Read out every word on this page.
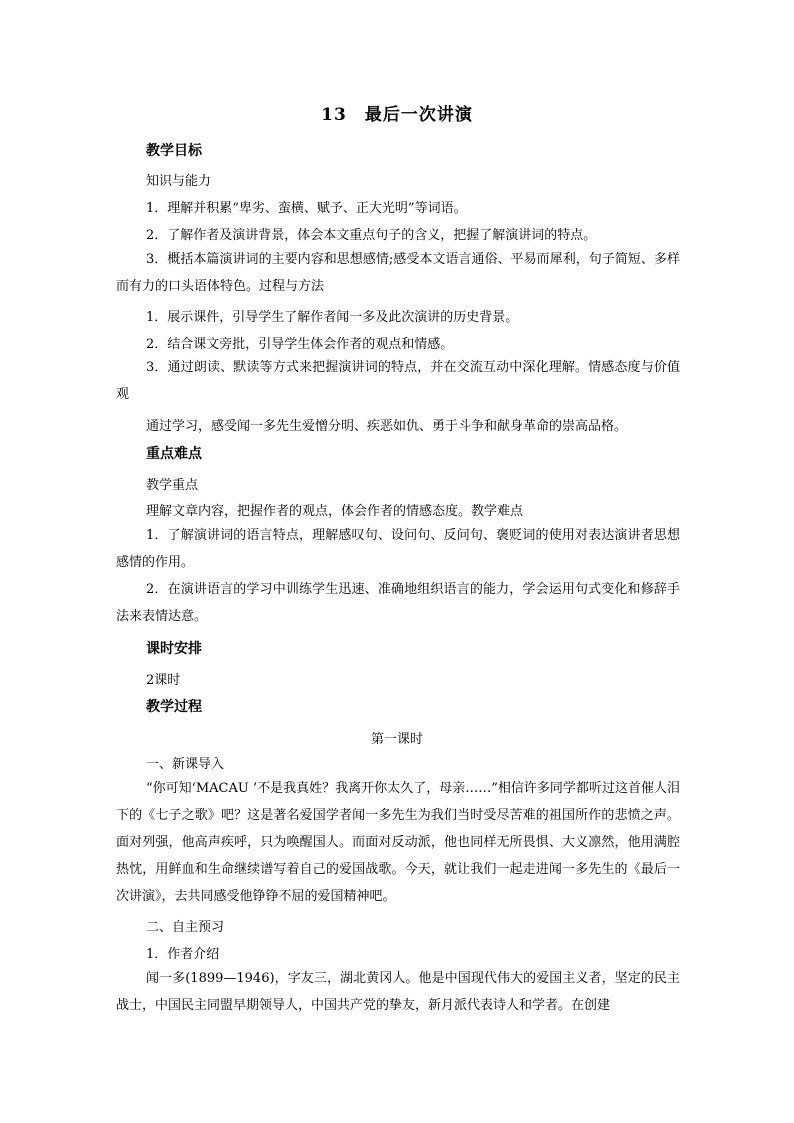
13 最后一次讲演
教学目标
知识与能力
1．理解并积累“卑劣、蛮横、赋予、正大光明”等词语。
2．了解作者及演讲背景，体会本文重点句子的含义，把握了解演讲词的特点。
3．概括本篇演讲词的主要内容和思想感情;感受本文语言通俗、平易而犀利，句子简短、多样而有力的口头语体特色。过程与方法
1．展示课件，引导学生了解作者闻一多及此次演讲的历史背景。
2．结合课文旁批，引导学生体会作者的观点和情感。
3．通过朗读、默读等方式来把握演讲词的特点，并在交流互动中深化理解。情感态度与价值观
通过学习，感受闻一多先生爱憎分明、疾恶如仇、勇于斗争和献身革命的崇高品格。
重点难点
教学重点
理解文章内容，把握作者的观点，体会作者的情感态度。教学难点
1．了解演讲词的语言特点，理解感叹句、设问句、反问句、褒贬词的使用对表达演讲者思想感情的作用。
2．在演讲语言的学习中训练学生迅速、准确地组织语言的能力，学会运用句式变化和修辞手法来表情达意。
课时安排
2课时
教学过程
第一课时
一、新课导入
“你可知‘MACAU ’不是我真姓？我离开你太久了，母亲……”相信许多同学都听过这首催人泪下的《七子之歌》吧？这是著名爱国学者闻一多先生为我们当时受尽苦难的祖国所作的悲愤之声。面对列强，他高声疾呼，只为唤醒国人。而面对反动派，他也同样无所畏惧、大义凛然，他用满腔热忱，用鲜血和生命继续谱写着自己的爱国战歌。今天，就让我们一起走进闻一多先生的《最后一次讲演》，去共同感受他铮铮不屈的爱国精神吧。
二、自主预习
1．作者介绍
闻一多(1899—1946)，字友三，湖北黄冈人。他是中国现代伟大的爱国主义者，坚定的民主战士，中国民主同盟早期领导人，中国共产党的挚友，新月派代表诗人和学者。在创建
